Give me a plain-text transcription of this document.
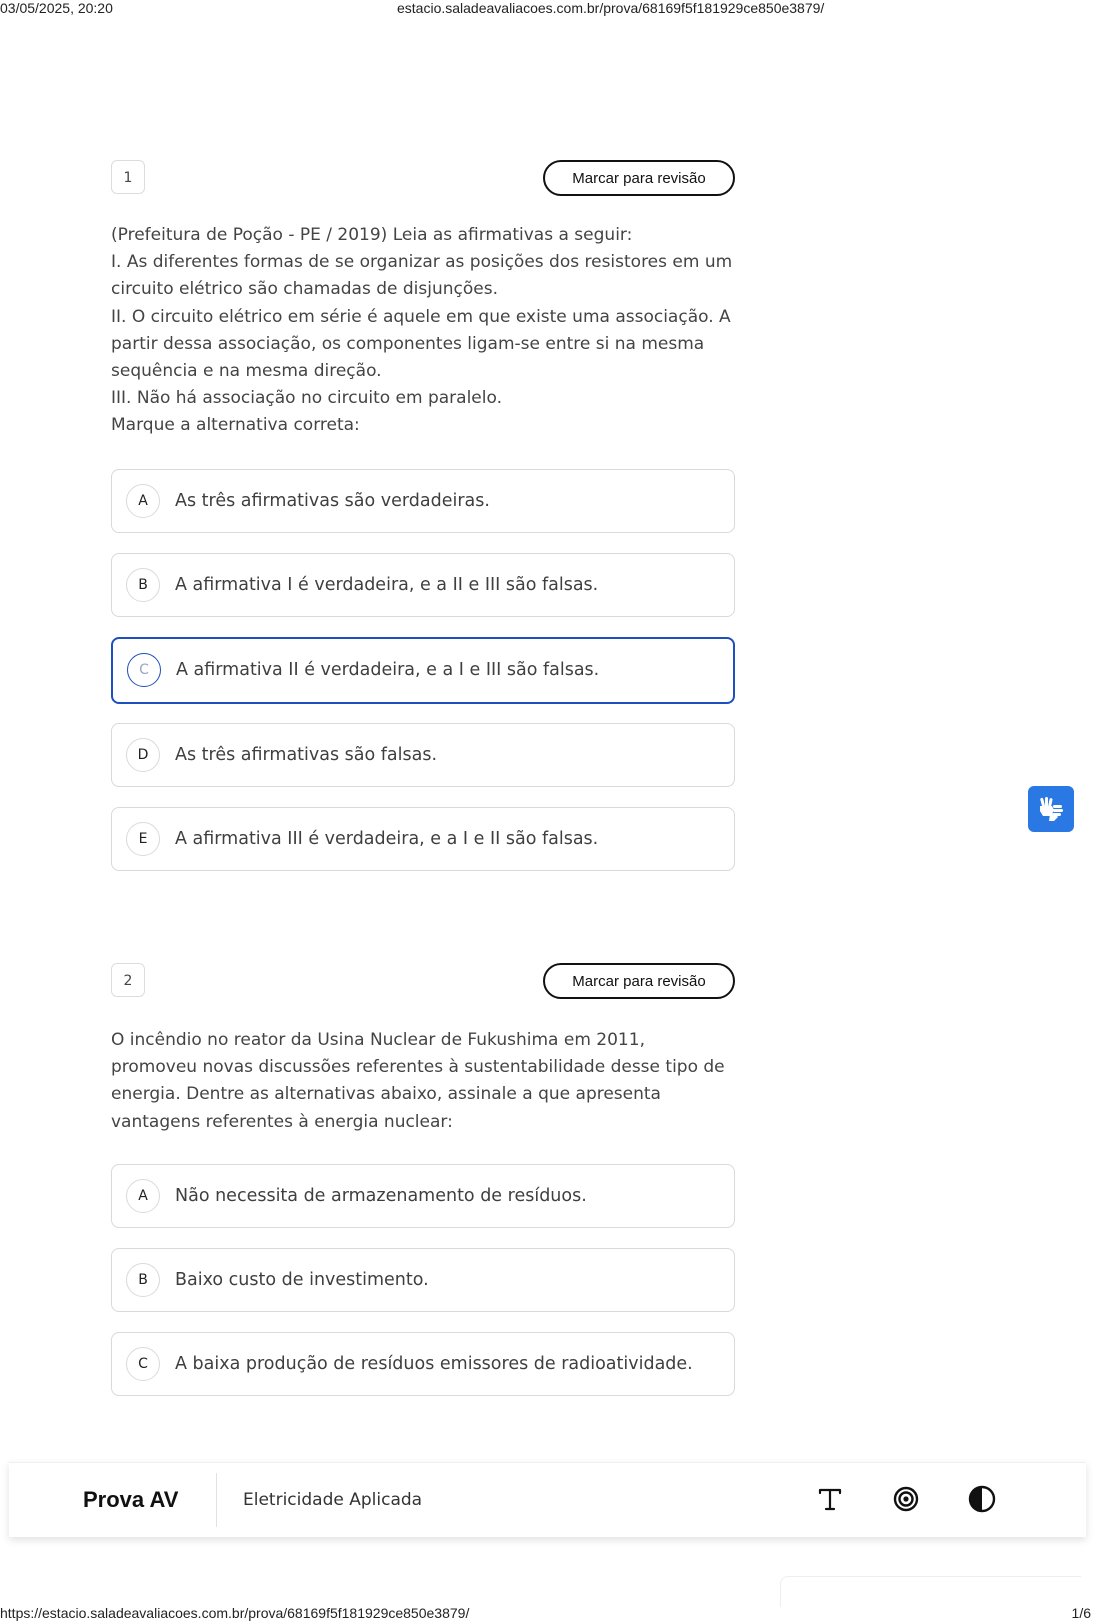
03/05/2025, 20:20	estacio.saladeavaliacoes.com.br/prova/68169f5f181929ce850e3879/
1	Marcar para revisão

(Prefeitura de Poção - PE / 2019) Leia as afirmativas a seguir:

I. As diferentes formas de se organizar as posições dos resistores em um circuito elétrico são chamadas de disjunções.

II. O circuito elétrico em série é aquele em que existe uma associação. A partir dessa associação, os componentes ligam-se entre si na mesma sequência e na mesma direção.

III. Não há associação no circuito em paralelo.

Marque a alternativa correta:

A	As três afirmativas são verdadeiras.
B	A afirmativa I é verdadeira, e a II e III são falsas.
C	A afirmativa II é verdadeira, e a I e III são falsas.
D	As três afirmativas são falsas.
E	A afirmativa III é verdadeira, e a I e II são falsas.
2	Marcar para revisão

O incêndio no reator da Usina Nuclear de Fukushima em 2011, promoveu novas discussões referentes à sustentabilidade desse tipo de energia. Dentre as alternativas abaixo, assinale a que apresenta vantagens referentes à energia nuclear:

A	Não necessita de armazenamento de resíduos.
B	Baixo custo de investimento.
C	A baixa produção de resíduos emissores de radioatividade.
Prova AV	Eletricidade Aplicada
https://estacio.saladeavaliacoes.com.br/prova/68169f5f181929ce850e3879/	1/6
